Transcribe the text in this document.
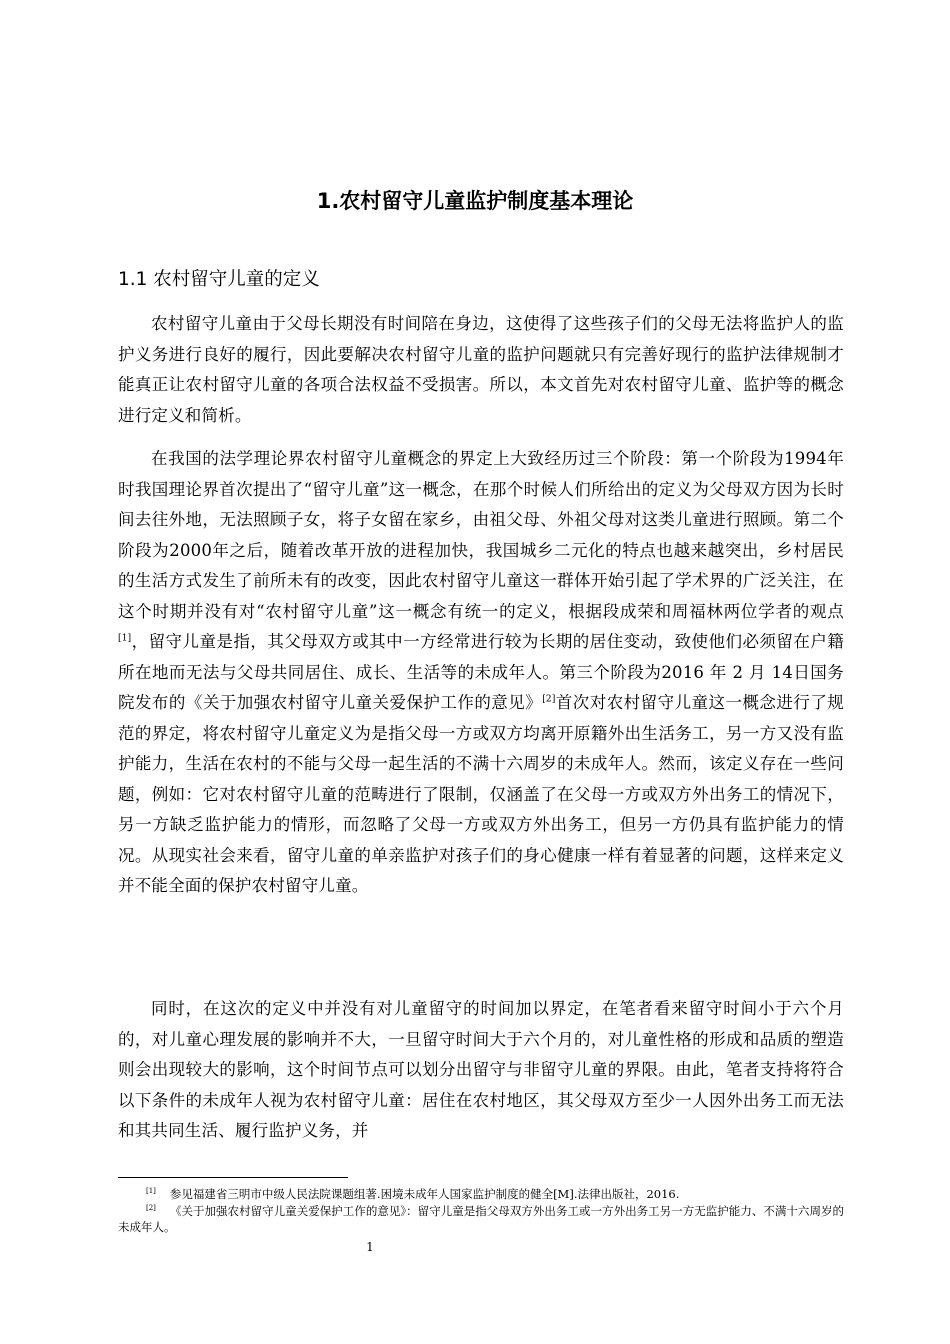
1.农村留守儿童监护制度基本理论
1.1 农村留守儿童的定义

农村留守儿童由于父母长期没有时间陪在身边，这使得了这些孩子们的父母无法将监护人的监护义务进行良好的履行，因此要解决农村留守儿童的监护问题就只有完善好现行的监护法律规制才能真正让农村留守儿童的各项合法权益不受损害。所以，本文首先对农村留守儿童、监护等的概念进行定义和简析。

在我国的法学理论界农村留守儿童概念的界定上大致经历过三个阶段：第一个阶段为1994年时我国理论界首次提出了“留守儿童”这一概念，在那个时候人们所给出的定义为父母双方因为长时间去往外地，无法照顾子女，将子女留在家乡，由祖父母、外祖父母对这类儿童进行照顾。第二个阶段为2000年之后，随着改革开放的进程加快，我国城乡二元化的特点也越来越突出，乡村居民的生活方式发生了前所未有的改变，因此农村留守儿童这一群体开始引起了学术界的广泛关注，在这个时期并没有对“农村留守儿童”这一概念有统一的定义，根据段成荣和周福林两位学者的观点[1]，留守儿童是指，其父母双方或其中一方经常进行较为长期的居住变动，致使他们必须留在户籍所在地而无法与父母共同居住、成长、生活等的未成年人。第三个阶段为2016 年 2 月 14日国务院发布的《关于加强农村留守儿童关爱保护工作的意见》[2]首次对农村留守儿童这一概念进行了规范的界定，将农村留守儿童定义为是指父母一方或双方均离开原籍外出生活务工，另一方又没有监护能力，生活在农村的不能与父母一起生活的不满十六周岁的未成年人。然而，该定义存在一些问题，例如：它对农村留守儿童的范畴进行了限制，仅涵盖了在父母一方或双方外出务工的情况下，另一方缺乏监护能力的情形，而忽略了父母一方或双方外出务工，但另一方仍具有监护能力的情况。从现实社会来看，留守儿童的单亲监护对孩子们的身心健康一样有着显著的问题，这样来定义并不能全面的保护农村留守儿童。

同时，在这次的定义中并没有对儿童留守的时间加以界定，在笔者看来留守时间小于六个月的，对儿童心理发展的影响并不大，一旦留守时间大于六个月的，对儿童性格的形成和品质的塑造则会出现较大的影响，这个时间节点可以划分出留守与非留守儿童的界限。由此，笔者支持将符合以下条件的未成年人视为农村留守儿童：居住在农村地区，其父母双方至少一人因外出务工而无法和其共同生活、履行监护义务，并

[1] 参见福建省三明市中级人民法院课题组著.困境未成年人国家监护制度的健全[M].法律出版社，2016.

[2] 《关于加强农村留守儿童关爱保护工作的意见》：留守儿童是指父母双方外出务工或一方外出务工另一方无监护能力、不满十六周岁的未成年人。

1
